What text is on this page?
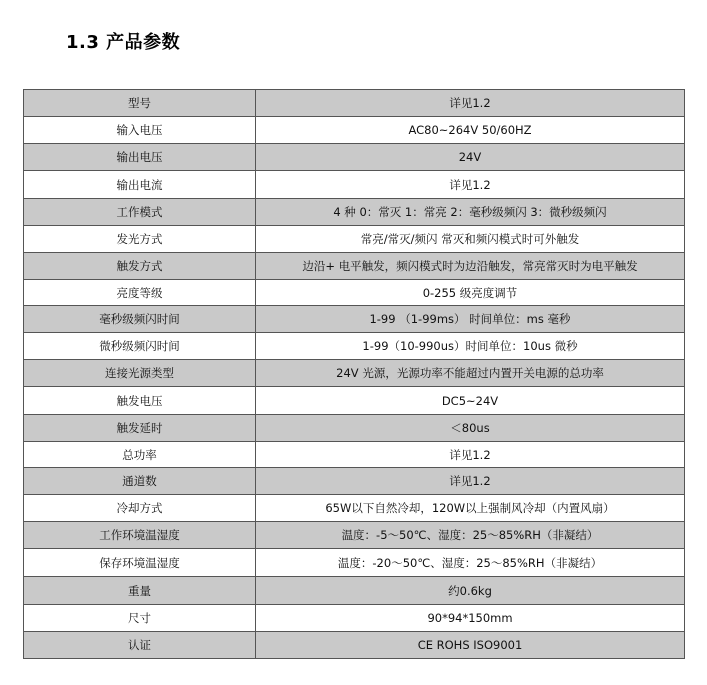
1.3 产品参数
型号	详见1.2
输入电压	AC80~264V 50/60HZ
输出电压	24V
输出电流	详见1.2
工作模式	4 种 0：常灭 1：常亮 2：毫秒级频闪 3：微秒级频闪
发光方式	常亮/常灭/频闪 常灭和频闪模式时可外触发
触发方式	边沿+ 电平触发，频闪模式时为边沿触发，常亮常灭时为电平触发
亮度等级	0-255 级亮度调节
毫秒级频闪时间	1-99 （1-99ms） 时间单位：ms 毫秒
微秒级频闪时间	1-99（10-990us）时间单位：10us 微秒
连接光源类型	24V 光源，光源功率不能超过内置开关电源的总功率
触发电压	DC5~24V
触发延时	＜80us
总功率	详见1.2
通道数	详见1.2
冷却方式	65W以下自然冷却，120W以上强制风冷却（内置风扇）
工作环境温湿度	温度：-5～50℃、湿度：25～85%RH（非凝结）
保存环境温湿度	温度：-20～50℃、湿度：25～85%RH（非凝结）
重量	约0.6kg
尺寸	90*94*150mm
认证	CE ROHS ISO9001
